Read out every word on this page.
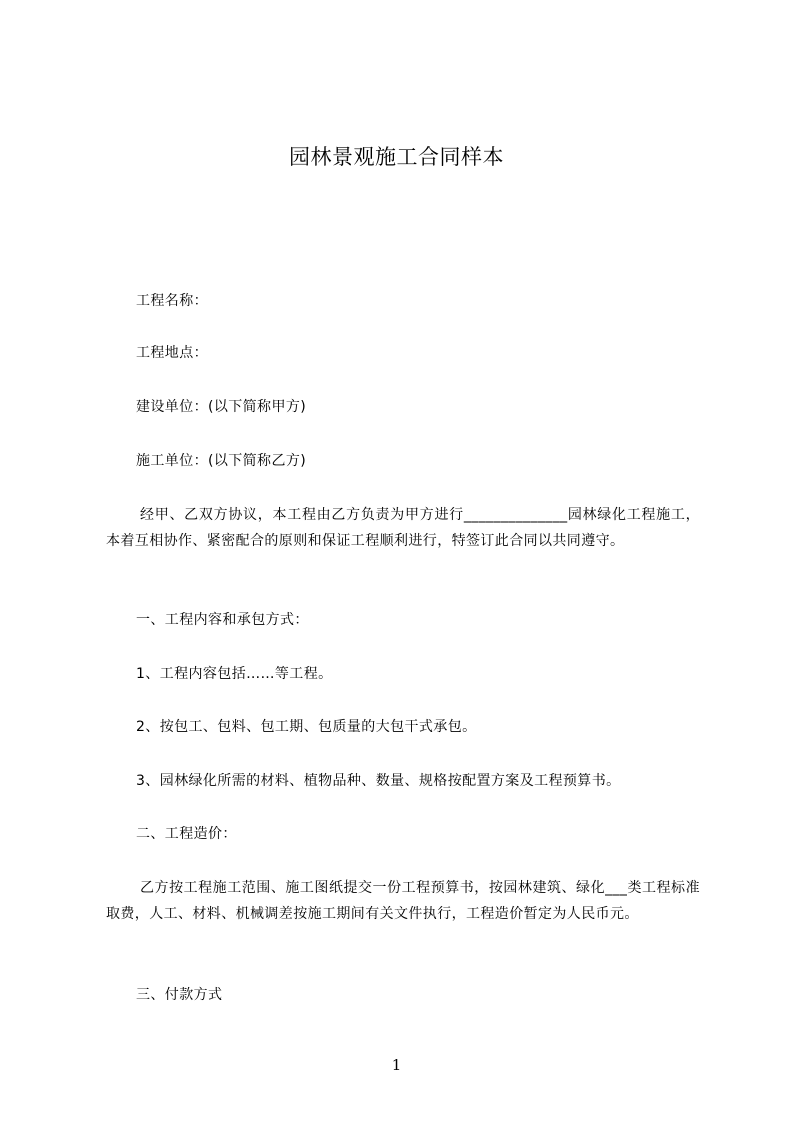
园林景观施工合同样本
工程名称：
工程地点：
建设单位：(以下简称甲方)
施工单位：(以下简称乙方)
经甲、乙双方协议，本工程由乙方负责为甲方进行______________园林绿化工程施工，本着互相协作、紧密配合的原则和保证工程顺利进行，特签订此合同以共同遵守。
一、工程内容和承包方式：
1、工程内容包括……等工程。
2、按包工、包料、包工期、包质量的大包干式承包。
3、园林绿化所需的材料、植物品种、数量、规格按配置方案及工程预算书。
二、工程造价：
乙方按工程施工范围、施工图纸提交一份工程预算书，按园林建筑、绿化___类工程标准取费，人工、材料、机械调差按施工期间有关文件执行，工程造价暂定为人民币元。
三、付款方式
1
